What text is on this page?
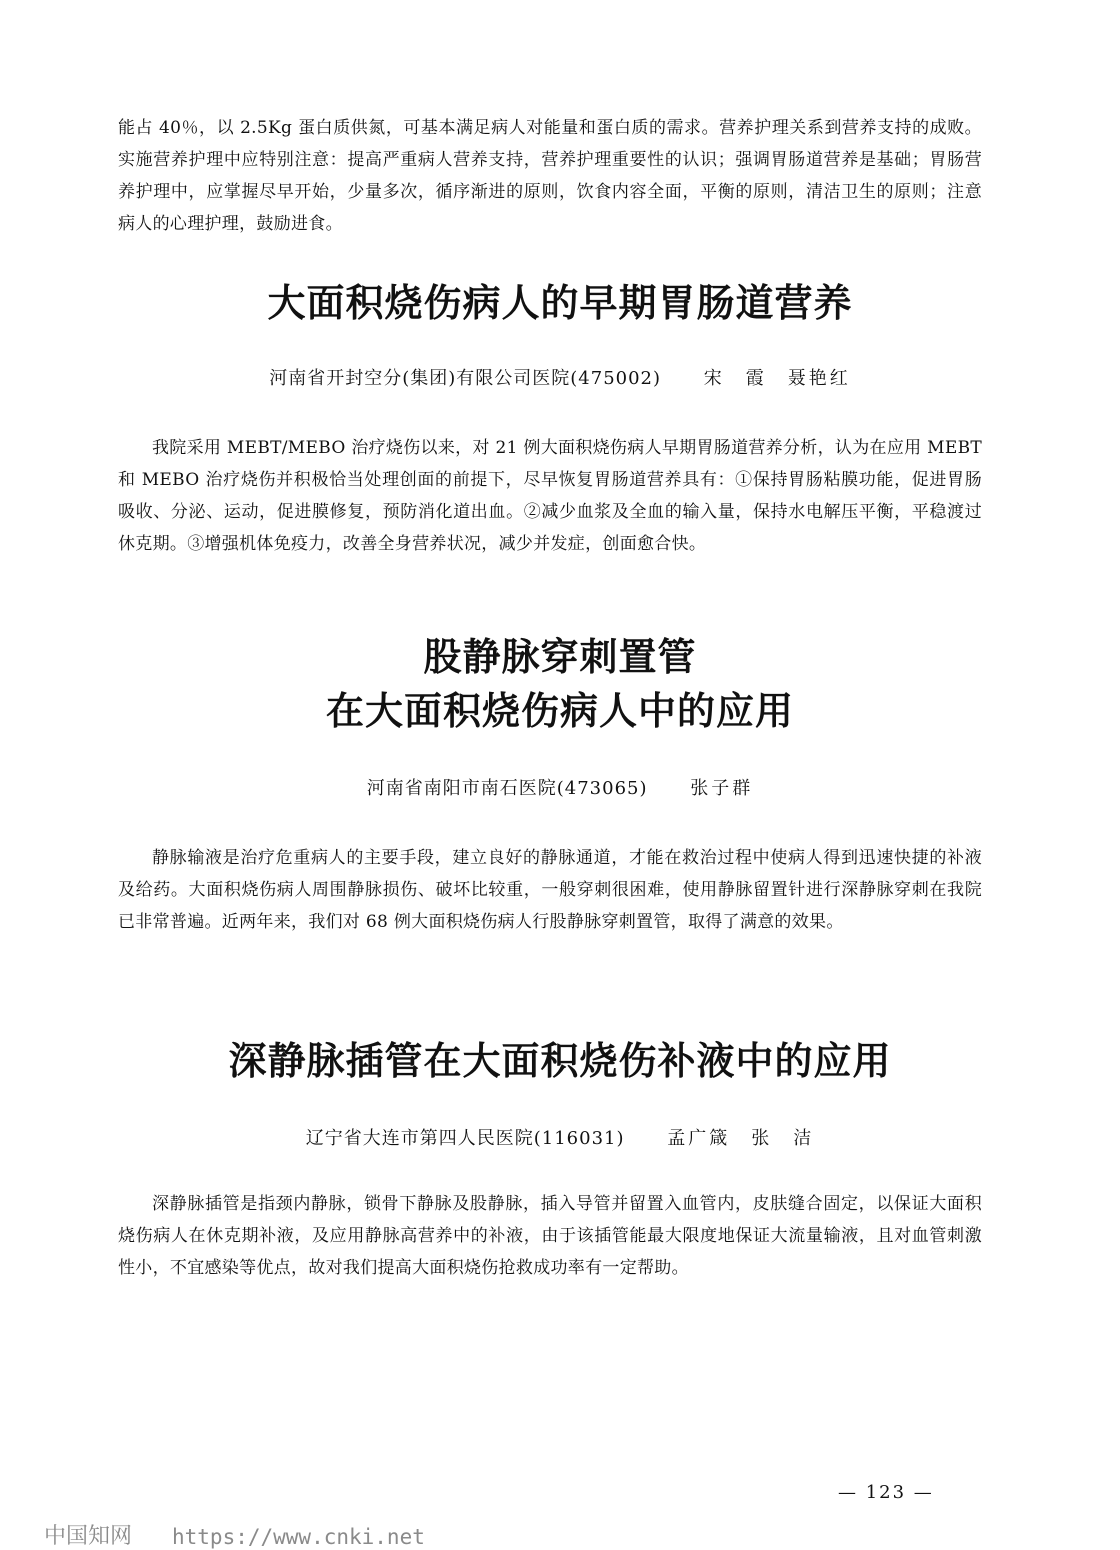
能占 40％，以 2.5Kg 蛋白质供氮，可基本满足病人对能量和蛋白质的需求。营养护理关系到营养支持的成败。实施营养护理中应特别注意：提高严重病人营养支持，营养护理重要性的认识；强调胃肠道营养是基础；胃肠营养护理中，应掌握尽早开始，少量多次，循序渐进的原则，饮食内容全面，平衡的原则，清洁卫生的原则；注意病人的心理护理，鼓励进食。

大面积烧伤病人的早期胃肠道营养
河南省开封空分(集团)有限公司医院(475002) 宋　霞　聂艳红

我院采用 MEBT/MEBO 治疗烧伤以来，对 21 例大面积烧伤病人早期胃肠道营养分析，认为在应用 MEBT 和 MEBO 治疗烧伤并积极恰当处理创面的前提下，尽早恢复胃肠道营养具有：①保持胃肠粘膜功能，促进胃肠吸收、分泌、运动，促进膜修复，预防消化道出血。②减少血浆及全血的输入量，保持水电解压平衡，平稳渡过休克期。③增强机体免疫力，改善全身营养状况，减少并发症，创面愈合快。

股静脉穿刺置管
在大面积烧伤病人中的应用
河南省南阳市南石医院(473065) 张子群

静脉输液是治疗危重病人的主要手段，建立良好的静脉通道，才能在救治过程中使病人得到迅速快捷的补液及给药。大面积烧伤病人周围静脉损伤、破坏比较重，一般穿刺很困难，使用静脉留置针进行深静脉穿刺在我院已非常普遍。近两年来，我们对 68 例大面积烧伤病人行股静脉穿刺置管，取得了满意的效果。

深静脉插管在大面积烧伤补液中的应用
辽宁省大连市第四人民医院(116031) 孟广箴　张　洁

深静脉插管是指颈内静脉，锁骨下静脉及股静脉，插入导管并留置入血管内，皮肤缝合固定，以保证大面积烧伤病人在休克期补液，及应用静脉高营养中的补液，由于该插管能最大限度地保证大流量输液，且对血管刺激性小，不宜感染等优点，故对我们提高大面积烧伤抢救成功率有一定帮助。

— 123 —
中国知网 https://www.cnki.net
